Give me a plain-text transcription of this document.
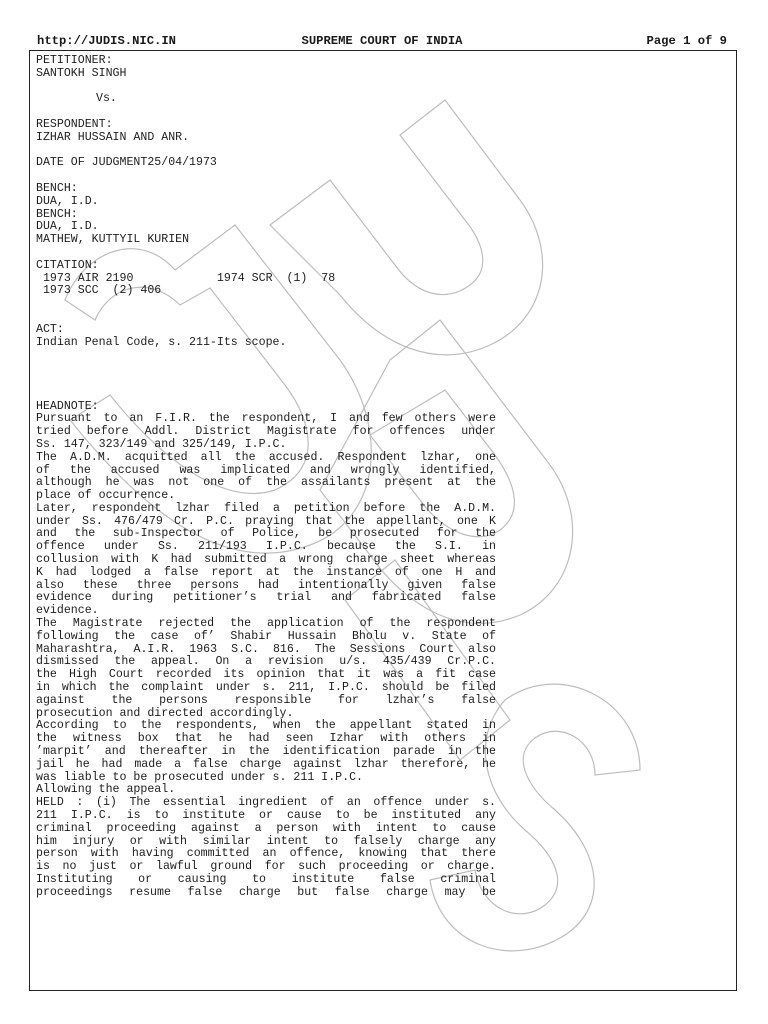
http://JUDIS.NIC.IN	SUPREME COURT OF INDIA	Page 1 of 9
PETITIONER:
SANTOKH SINGH
Vs.
RESPONDENT:
IZHAR HUSSAIN AND ANR.
DATE OF JUDGMENT25/04/1973
BENCH:
DUA, I.D.
BENCH:
DUA, I.D.
MATHEW, KUTTYIL KURIEN
CITATION:
1973 AIR 2190            1974 SCR  (1)  78
1973 SCC  (2) 406
ACT:
Indian Penal Code, s. 211-Its scope.
HEADNOTE:
Pursuant to an F.I.R. the respondent, I and few others were
tried before Addl. District Magistrate for offences under
Ss. 147, 323/149 and 325/149, I.P.C.
The A.D.M. acquitted all the accused. Respondent lzhar, one
of the accused was implicated and wrongly identified,
although he was not one of the assailants present at the
place of occurrence.
Later, respondent lzhar filed a petition before the A.D.M.
under Ss. 476/479 Cr. P.C. praying that the appellant, one K
and the sub-Inspector of Police, be prosecuted for the
offence under Ss. 211/193 I.P.C. because the S.I. in
collusion with K had submitted a wrong charge sheet whereas
K had lodged a false report at the instance of one H and
also these three persons had intentionally given false
evidence during petitioner’s trial and fabricated false
evidence.
The Magistrate rejected the application of the respondent
following the case of’ Shabir Hussain Bholu v. State of
Maharashtra, A.I.R. 1963 S.C. 816. The Sessions Court also
dismissed the appeal. On a revision u/s. 435/439 Cr.P.C.
the High Court recorded its opinion that it was a fit case
in which the complaint under s. 211, I.P.C. should be filed
against the persons responsible for lzhar’s false
prosecution and directed accordingly.
According to the respondents, when the appellant stated in
the witness box that he had seen Izhar with others in
’marpit’ and thereafter in the identification parade in the
jail he had made a false charge against lzhar therefore, he
was liable to be prosecuted under s. 211 I.P.C.
Allowing the appeal.
HELD : (i) The essential ingredient of an offence under s.
211 I.P.C. is to institute or cause to be instituted any
criminal proceeding against a person with intent to cause
him injury or with similar intent to falsely charge any
person with having committed an offence, knowing that there
is no just or lawful ground for such proceeding or charge.
Instituting or causing to institute false criminal
proceedings resume false charge but false charge may be
